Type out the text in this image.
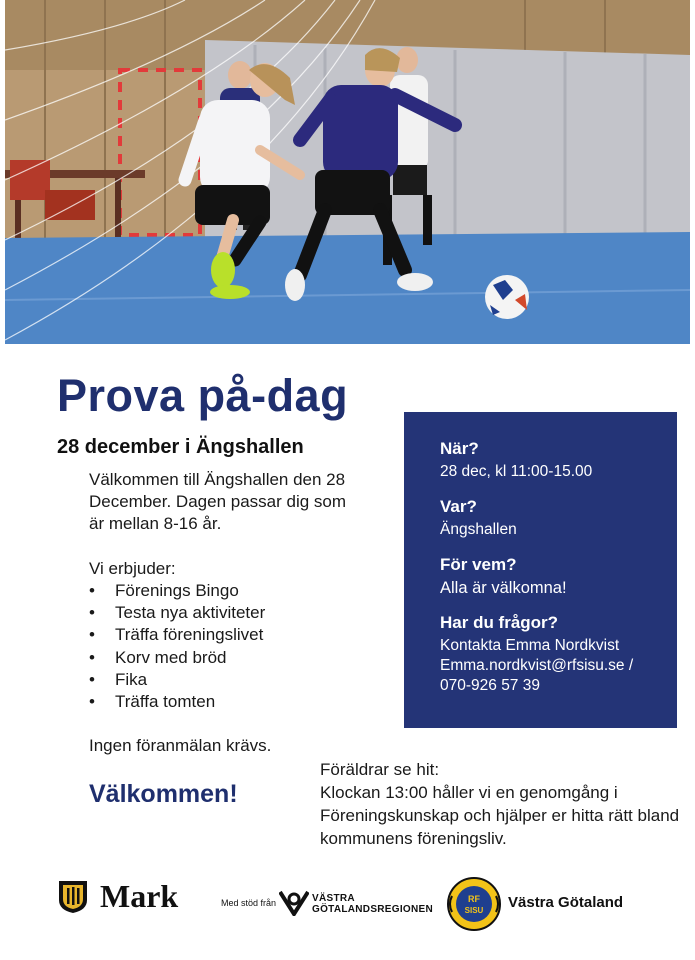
Prova på-dag
28 december i Ängshallen
Välkommen till Ängshallen den 28 December. Dagen passar dig som är mellan 8-16 år.
Vi erbjuder:
• Förenings Bingo
• Testa nya aktiviteter
• Träffa föreningslivet
• Korv med bröd
• Fika
• Träffa tomten
Ingen föranmälan krävs.
Välkommen!
När?
28 dec, kl 11:00-15.00
Var?
Ängshallen
För vem?
Alla är välkomna!
Har du frågor?
Kontakta Emma Nordkvist
Emma.nordkvist@rfsisu.se /
070-926 57 39
Föräldrar se hit:
Klockan 13:00 håller vi en genomgång i Föreningskunskap och hjälper er hitta rätt bland kommunens föreningsliv.
Mark	Med stöd från	VÄSTRA
GÖTALANDSREGIONEN
RF
SISU Västra Götaland
